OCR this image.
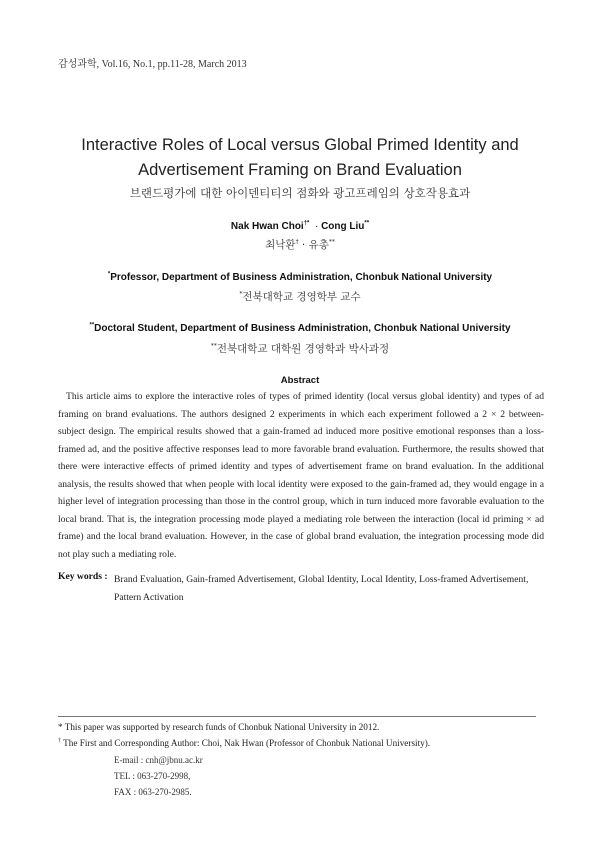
감성과학, Vol.16, No.1, pp.11-28, March 2013
Interactive Roles of Local versus Global Primed Identity and
Advertisement Framing on Brand Evaluation
브랜드평가에 대한 아이덴티티의 점화와 광고프레임의 상호작용효과
Nak Hwan Choi†* · Cong Liu**
최낙환† · 유총**
*Professor, Department of Business Administration, Chonbuk National University
*전북대학교 경영학부 교수
**Doctoral Student, Department of Business Administration, Chonbuk National University
**전북대학교 대학원 경영학과 박사과정
Abstract
This article aims to explore the interactive roles of types of primed identity (local versus global identity) and types of ad framing on brand evaluations. The authors designed 2 experiments in which each experiment followed a 2 × 2 between-subject design. The empirical results showed that a gain-framed ad induced more positive emotional responses than a loss-framed ad, and the positive affective responses lead to more favorable brand evaluation. Furthermore, the results showed that there were interactive effects of primed identity and types of advertisement frame on brand evaluation. In the additional analysis, the results showed that when people with local identity were exposed to the gain-framed ad, they would engage in a higher level of integration processing than those in the control group, which in turn induced more favorable evaluation to the local brand. That is, the integration processing mode played a mediating role between the interaction (local id priming × ad frame) and the local brand evaluation. However, in the case of global brand evaluation, the integration processing mode did not play such a mediating role.
Key words : Brand Evaluation, Gain-framed Advertisement, Global Identity, Local Identity, Loss-framed Advertisement, Pattern Activation
* This paper was supported by research funds of Chonbuk National University in 2012.
† The First and Corresponding Author: Choi, Nak Hwan (Professor of Chonbuk National University).
E-mail : cnh@jbnu.ac.kr
TEL : 063-270-2998,
FAX : 063-270-2985.
